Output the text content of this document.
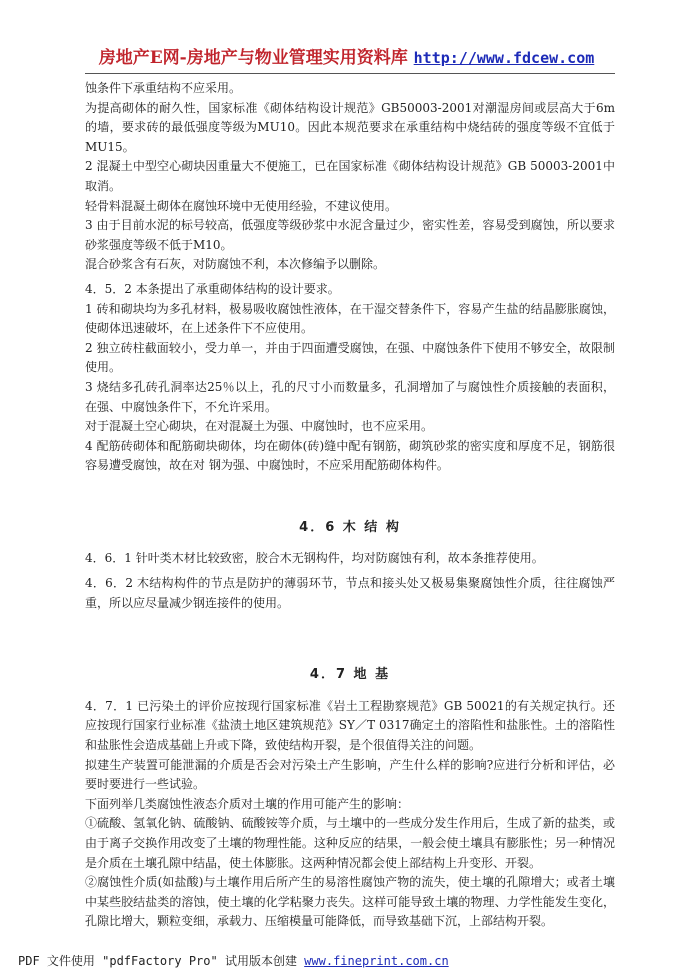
房地产E网-房地产与物业管理实用资料库 http://www.fdcew.com

蚀条件下承重结构不应采用。

为提高砌体的耐久性，国家标准《砌体结构设计规范》GB50003-2001对潮湿房间或层高大于6m的墙，要求砖的最低强度等级为MU10。因此本规范要求在承重结构中烧结砖的强度等级不宜低于MU15。

2 混凝土中型空心砌块因重量大不便施工，已在国家标准《砌体结构设计规范》GB 50003-2001中取消。

轻骨料混凝土砌体在腐蚀环境中无使用经验，不建议使用。

3 由于目前水泥的标号较高，低强度等级砂浆中水泥含量过少，密实性差，容易受到腐蚀，所以要求砂浆强度等级不低于M10。

混合砂浆含有石灰，对防腐蚀不利，本次修编予以删除。

4．5．2 本条提出了承重砌体结构的设计要求。

1 砖和砌块均为多孔材料，极易吸收腐蚀性液体，在干湿交替条件下，容易产生盐的结晶膨胀腐蚀，使砌体迅速破坏，在上述条件下不应使用。

2 独立砖柱截面较小，受力单一，并由于四面遭受腐蚀，在强、中腐蚀条件下使用不够安全，故限制使用。

3 烧结多孔砖孔洞率达25％以上，孔的尺寸小而数量多，孔洞增加了与腐蚀性介质接触的表面积，在强、中腐蚀条件下，不允许采用。

对于混凝土空心砌块，在对混凝土为强、中腐蚀时，也不应采用。

4 配筋砖砌体和配筋砌块砌体，均在砌体(砖)缝中配有钢筋，砌筑砂浆的密实度和厚度不足，钢筋很容易遭受腐蚀，故在对 钢为强、中腐蚀时，不应采用配筋砌体构件。

4．6 木 结 构

4．6．1 针叶类木材比较致密，胶合木无钢构件，均对防腐蚀有利，故本条推荐使用。

4．6．2 木结构构件的节点是防护的薄弱环节，节点和接头处又极易集聚腐蚀性介质，往往腐蚀严重，所以应尽量减少钢连接件的使用。

4．7 地 基

4．7．1 已污染土的评价应按现行国家标准《岩土工程勘察规范》GB 50021的有关规定执行。还应按现行国家行业标准《盐渍土地区建筑规范》SY／T 0317确定土的溶陷性和盐胀性。土的溶陷性和盐胀性会造成基础上升或下降，致使结构开裂，是个很值得关注的问题。

拟建生产装置可能泄漏的介质是否会对污染土产生影响，产生什么样的影响?应进行分析和评估，必要时要进行一些试验。

下面列举几类腐蚀性液态介质对土壤的作用可能产生的影响：

①硫酸、氢氧化钠、硫酸钠、硫酸铵等介质，与土壤中的一些成分发生作用后，生成了新的盐类，或由于离子交换作用改变了土壤的物理性能。这种反应的结果，一般会使土壤具有膨胀性；另一种情况是介质在土壤孔隙中结晶，使土体膨胀。这两种情况都会使上部结构上升变形、开裂。

②腐蚀性介质(如盐酸)与土壤作用后所产生的易溶性腐蚀产物的流失，使土壤的孔隙增大；或者土壤中某些胶结盐类的溶蚀，使土壤的化学粘聚力丧失。这样可能导致土壤的物理、力学性能发生变化，孔隙比增大，颗粒变细，承载力、压缩模量可能降低，而导致基础下沉，上部结构开裂。

PDF 文件使用 "pdfFactory Pro" 试用版本创建 www.fineprint.com.cn
